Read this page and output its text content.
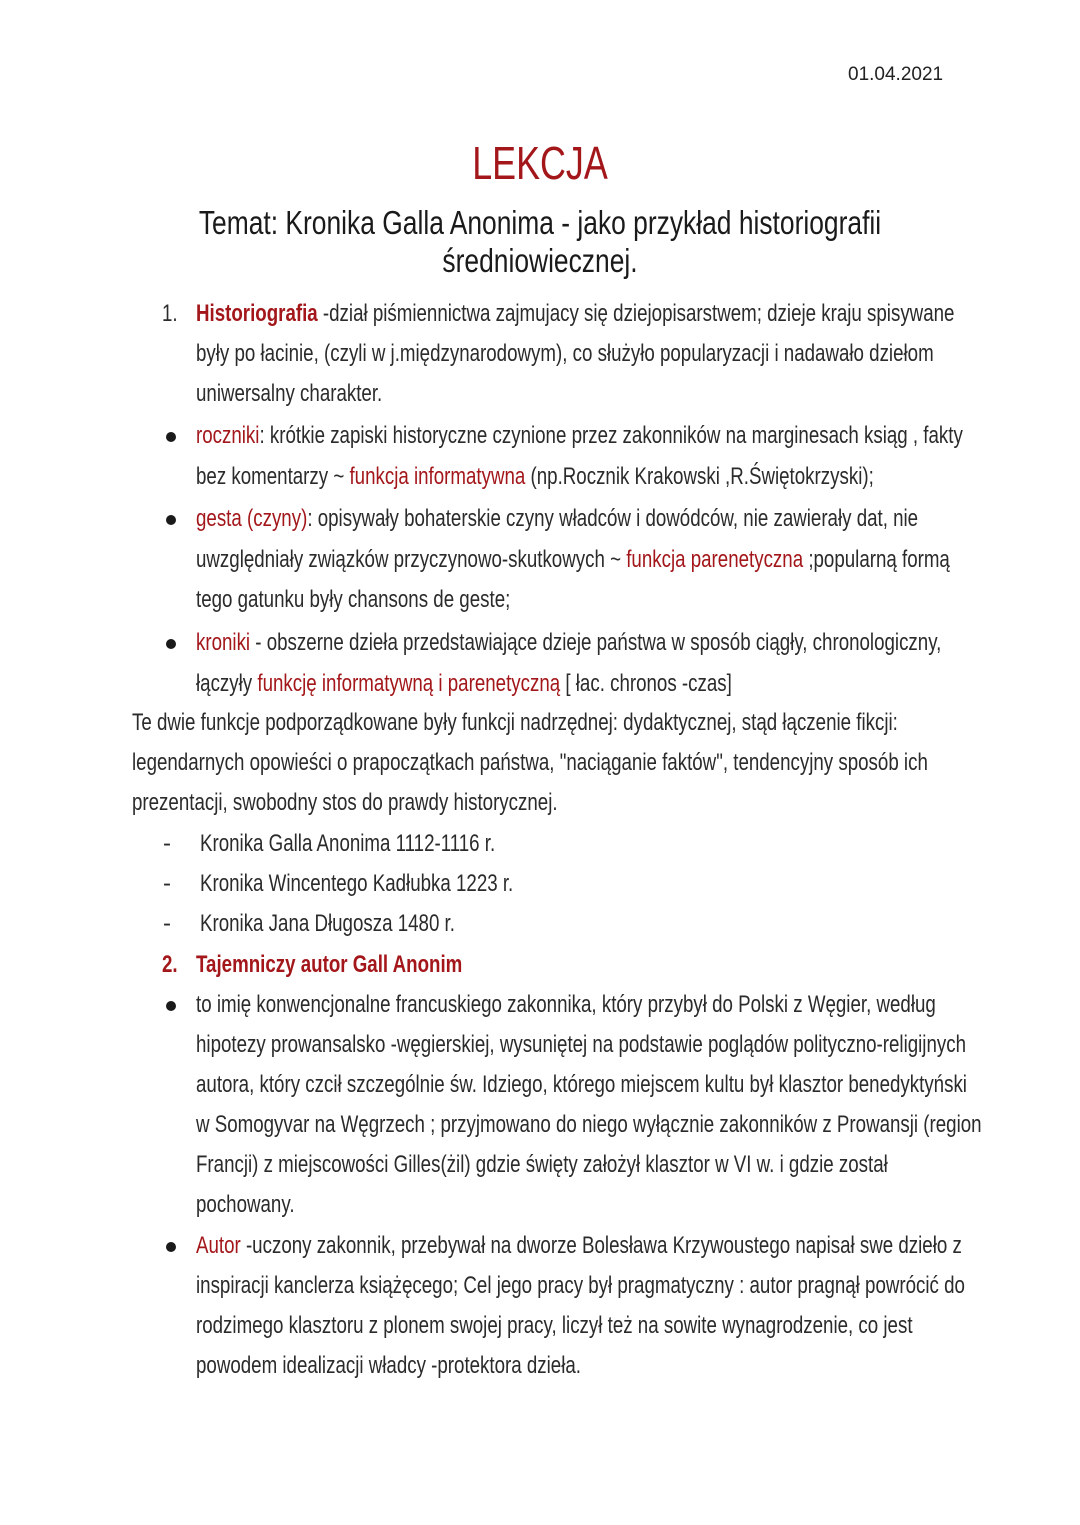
01.04.2021
LEKCJA
Temat: Kronika Galla Anonima - jako przykład historiografii średniowiecznej.
1. Historiografia -dział piśmiennictwa zajmujacy się dziejopisarstwem; dzieje kraju spisywane
były po łacinie, (czyli w j.międzynarodowym), co służyło popularyzacji i nadawało dziełom
uniwersalny charakter.
roczniki: krótkie zapiski historyczne czynione przez zakonników na marginesach ksiąg , fakty
bez komentarzy ~ funkcja informatywna (np.Rocznik Krakowski ,R.Świętokrzyski);
gesta (czyny): opisywały bohaterskie czyny władców i dowódców, nie zawierały dat, nie
uwzględniały związków przyczynowo-skutkowych ~ funkcja parenetyczna ;popularną formą
tego gatunku były chansons de geste;
kroniki - obszerne dzieła przedstawiające dzieje państwa w sposób ciągły, chronologiczny,
łączyły funkcję informatywną i parenetyczną [ łac. chronos -czas]
Te dwie funkcje podporządkowane były funkcji nadrzędnej: dydaktycznej, stąd łączenie fikcji:
legendarnych opowieści o prapoczątkach państwa, "naciąganie faktów", tendencyjny sposób ich
prezentacji, swobodny stos do prawdy historycznej.
- Kronika Galla Anonima 1112-1116 r.
- Kronika Wincentego Kadłubka 1223 r.
- Kronika Jana Długosza 1480 r.
2. Tajemniczy autor Gall Anonim
to imię konwencjonalne francuskiego zakonnika, który przybył do Polski z Węgier, według
hipotezy prowansalsko -węgierskiej, wysuniętej na podstawie poglądów polityczno-religijnych
autora, który czcił szczególnie św. Idziego, którego miejscem kultu był klasztor benedyktyński
w Somogyvar na Węgrzech ; przyjmowano do niego wyłącznie zakonników z Prowansji (region
Francji) z miejscowości Gilles(żil) gdzie święty założył klasztor w VI w. i gdzie został
pochowany.
Autor -uczony zakonnik, przebywał na dworze Bolesława Krzywoustego napisał swe dzieło z
inspiracji kanclerza książęcego; Cel jego pracy był pragmatyczny : autor pragnął powrócić do
rodzimego klasztoru z plonem swojej pracy, liczył też na sowite wynagrodzenie, co jest
powodem idealizacji władcy -protektora dzieła.
